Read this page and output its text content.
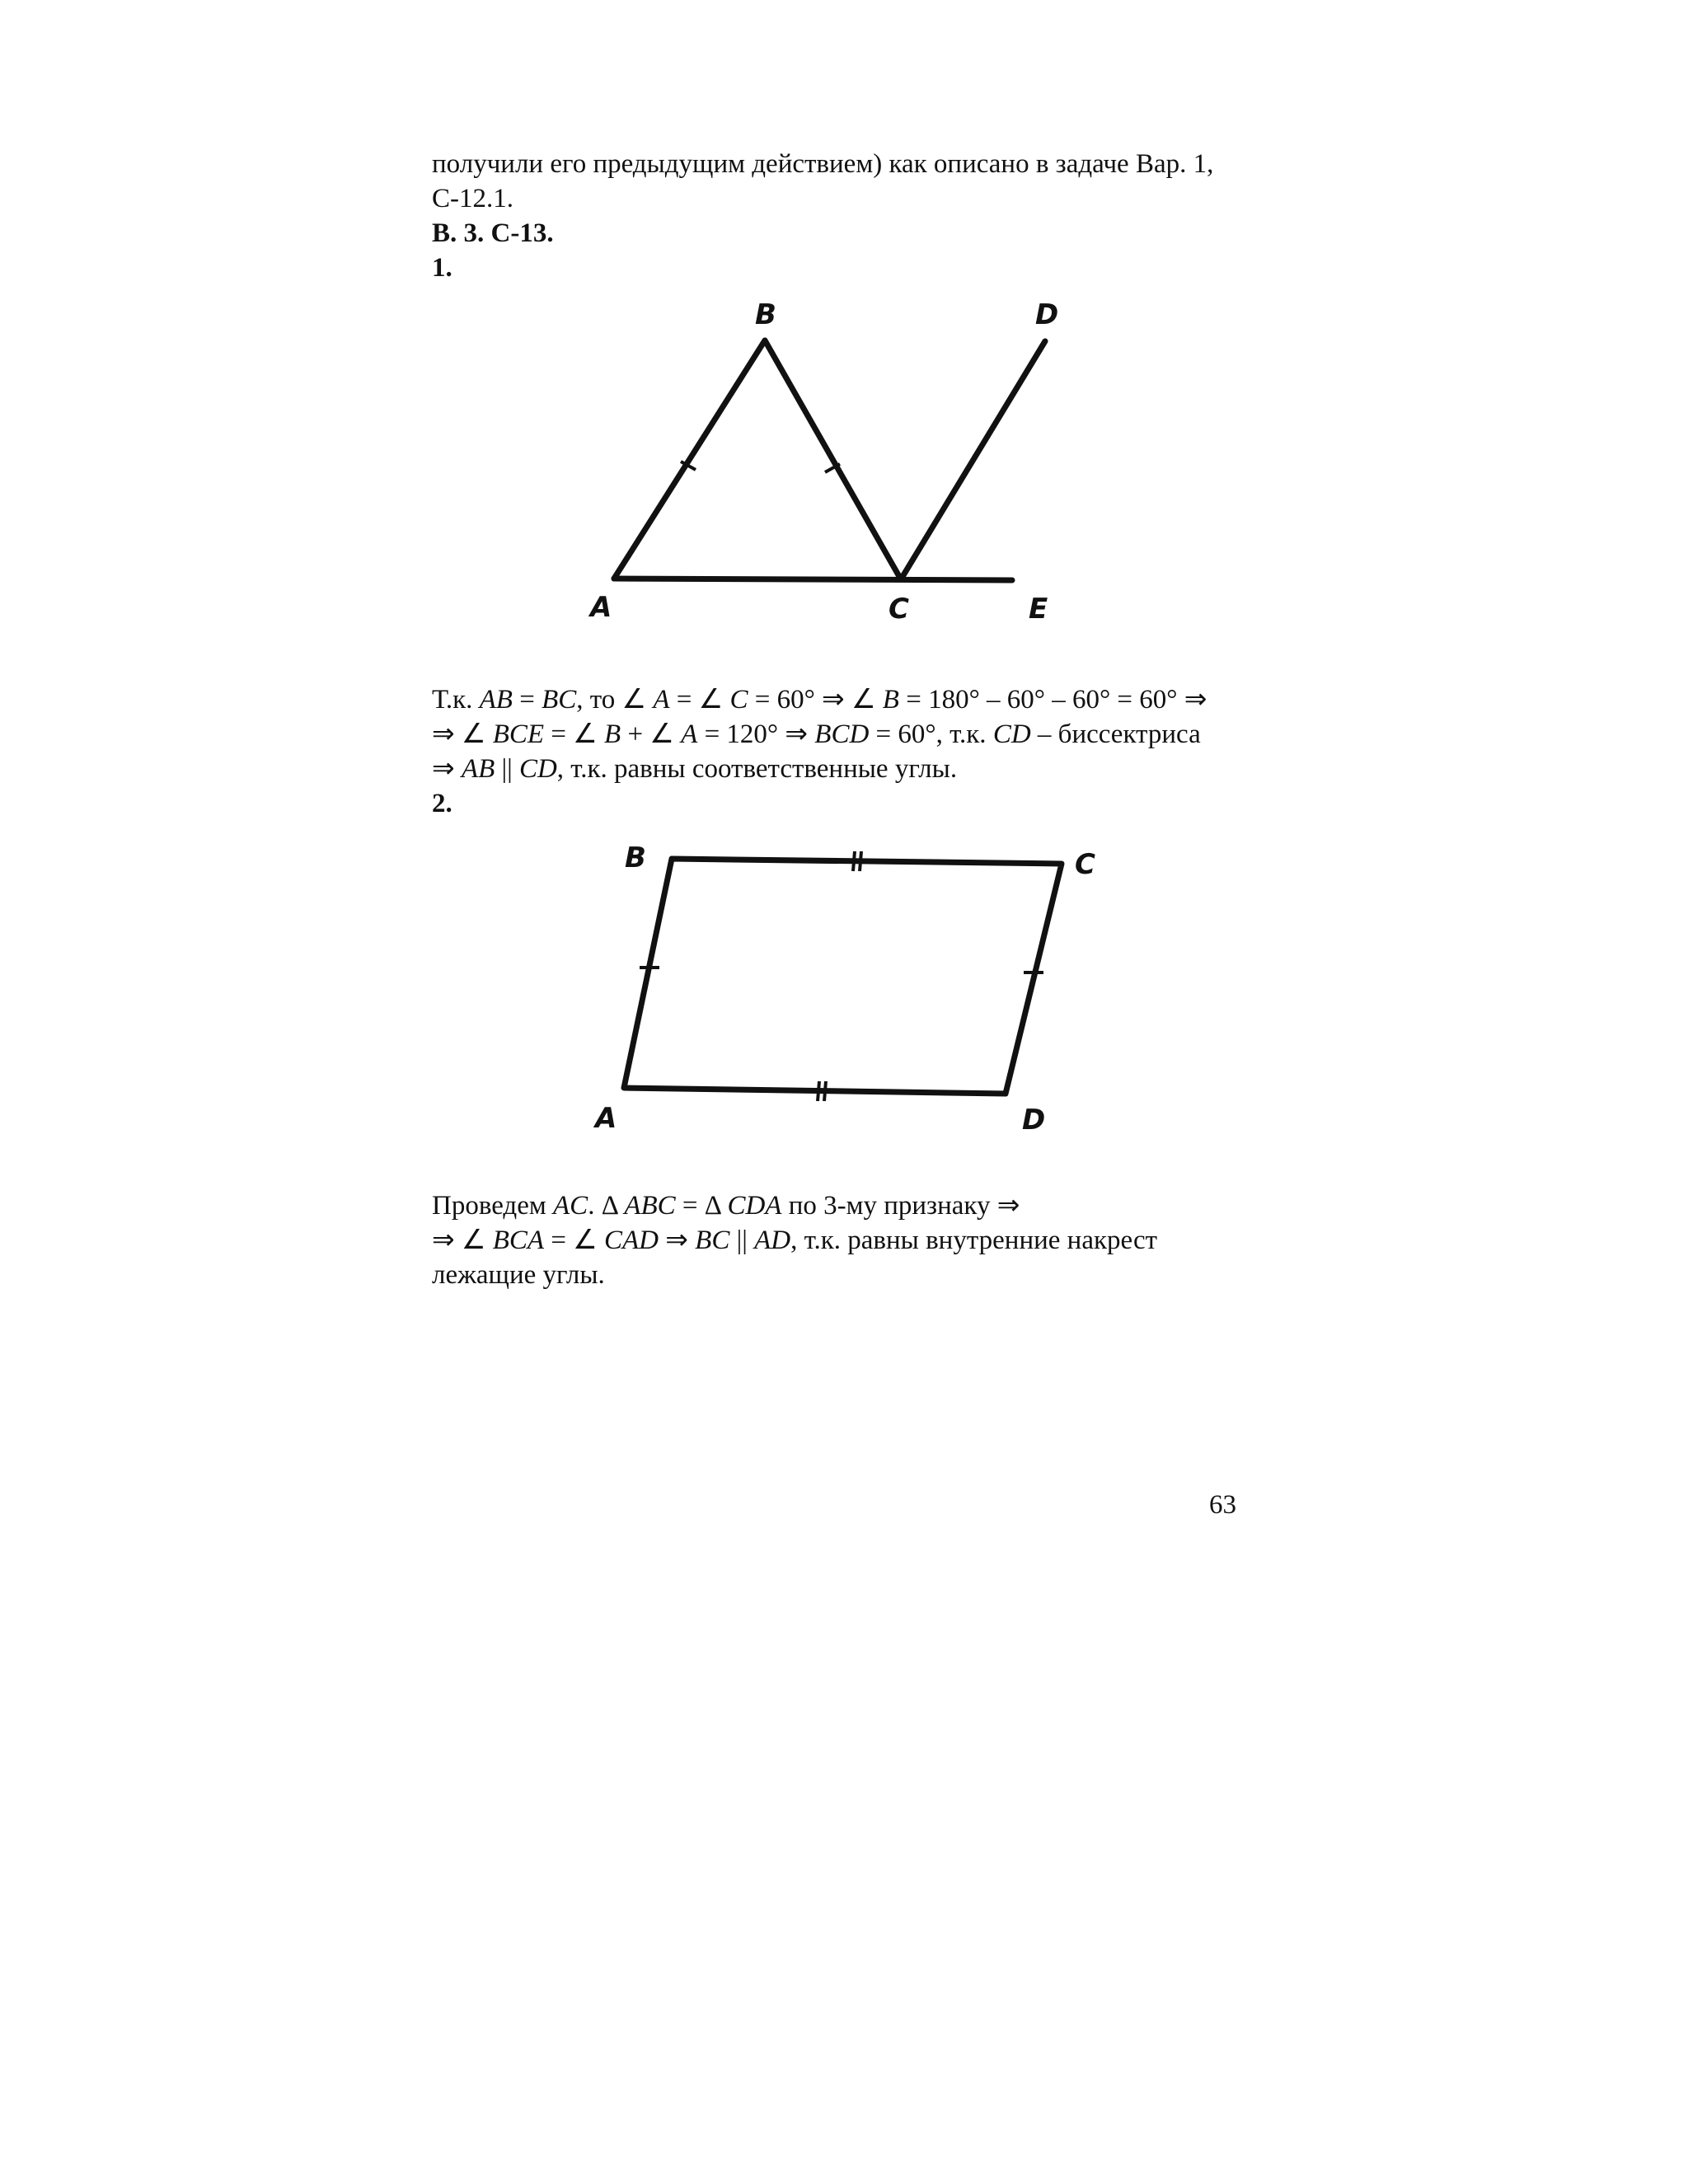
получили его предыдущим действием) как описано в задаче Вар. 1,
С-12.1.
В. 3. С-13.
1.
B	D
A	C	E
Т.к. AB = BC, то ∠ A = ∠ C = 60° ⇒ ∠ B = 180° – 60° – 60° = 60° ⇒
⇒ ∠ BCE = ∠ B + ∠ A = 120° ⇒ BCD = 60°, т.к. CD – биссектриса
⇒ AB || CD, т.к. равны соответственные углы.
2.
B	C
A	D
Проведем AC. Δ ABC = Δ CDA по 3-му признаку ⇒
⇒ ∠ BCA = ∠ CAD ⇒ BC || AD, т.к. равны внутренние накрест
лежащие углы.
63
